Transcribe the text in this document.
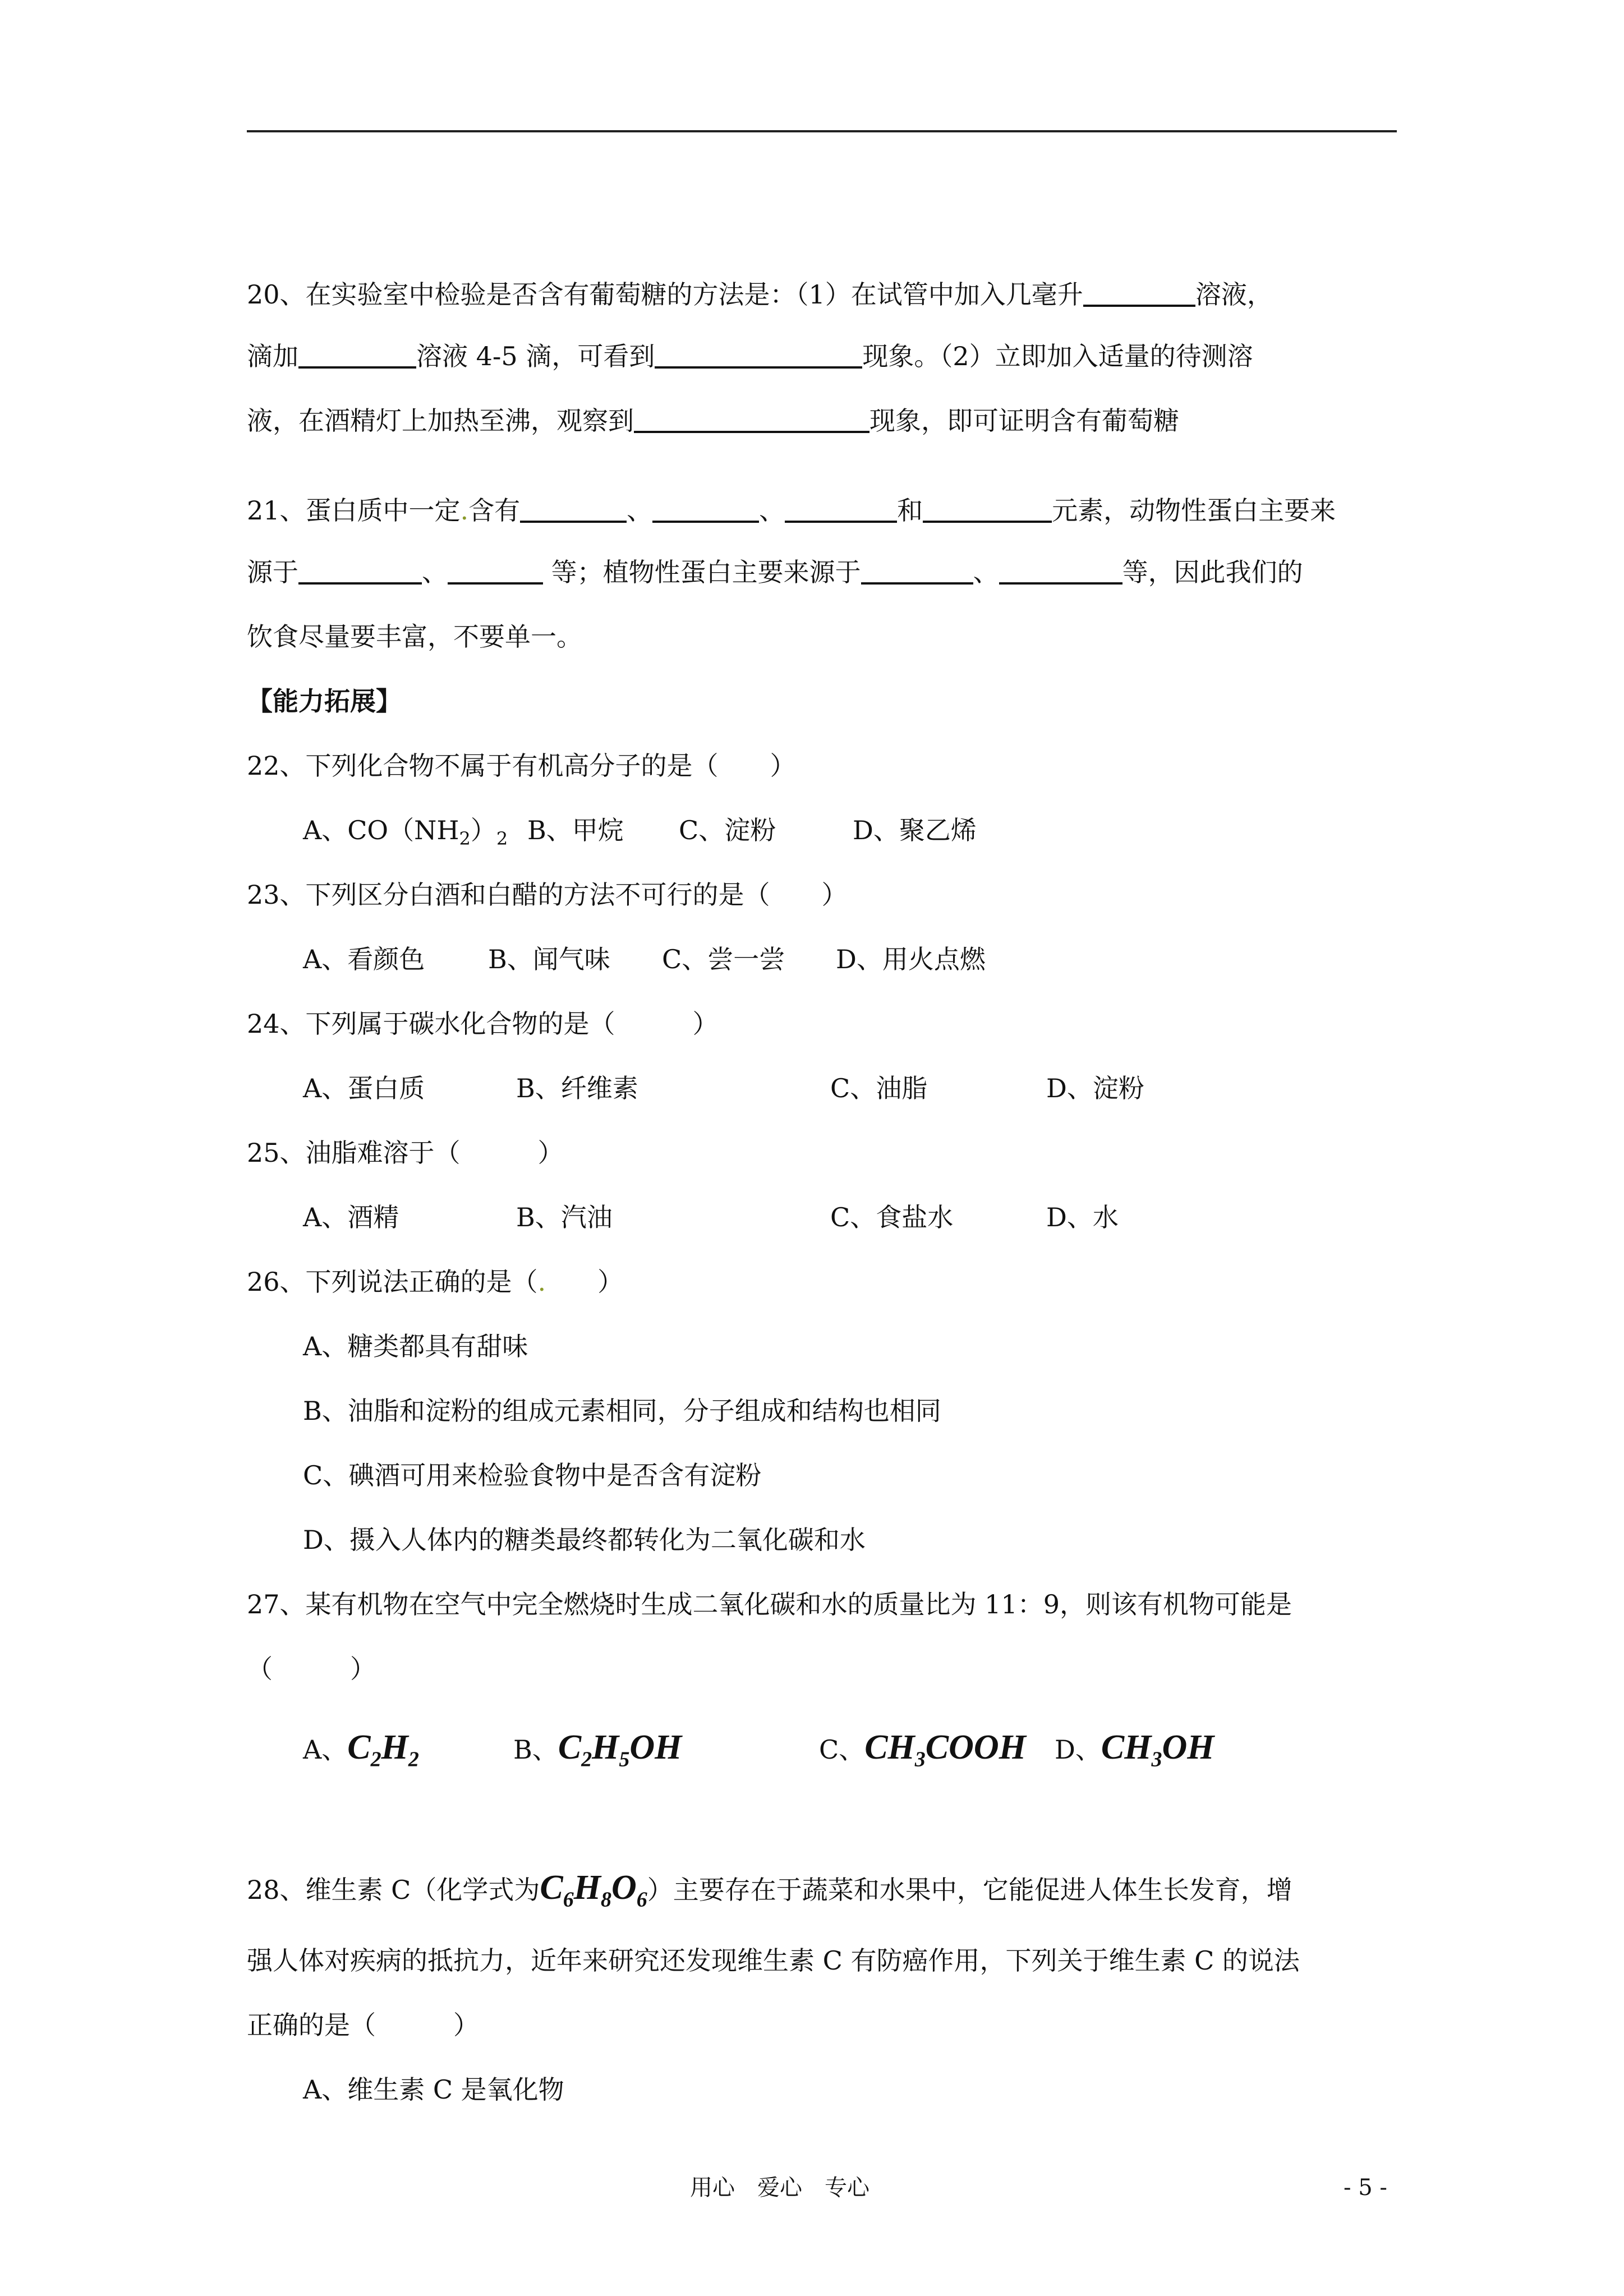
20、在实验室中检验是否含有葡萄糖的方法是：（1）在试管中加入几毫升	溶液，
滴加	溶液 4-5 滴，可看到	现象。（2）立即加入适量的待测溶
液，在酒精灯上加热至沸，观察到	现象，即可证明含有葡萄糖
21、蛋白质中一定.含有	、	、	和	元素，动物性蛋白主要来
源于	、	等；植物性蛋白主要来源于	、	等，因此我们的
饮食尽量要丰富，不要单一。
【能力拓展】
22、下列化合物不属于有机高分子的是（　　）
A、$CO(NH_2)_2$ B、甲烷 C、淀粉	D、聚乙烯
23、下列区分白酒和白醋的方法不可行的是（　　）
A、看颜色 B、闻气味 C、尝一尝 D、用火点燃
24、下列属于碳水化合物的是（　　　）
A、蛋白质	B、纤维素	C、油脂	D、淀粉
25、油脂难溶于（　　　）
A、酒精	B、汽油	C、食盐水	D、水
26、下列说法正确的是（.　　）
A、糖类都具有甜味
B、油脂和淀粉的组成元素相同，分子组成和结构也相同
C、碘酒可用来检验食物中是否含有淀粉
D、摄入人体内的糖类最终都转化为二氧化碳和水
27、某有机物在空气中完全燃烧时生成二氧化碳和水的质量比为 11：9，则该有机物可能是
（　　　）
A、$C_2H_2$	B、$C_2H_5OH$	C、$CH_3COOH$ D、$CH_3OH$
28、维生素 C（化学式为$C_6H_8O_6$）主要存在于蔬菜和水果中，它能促进人体生长发育，增
强人体对疾病的抵抗力，近年来研究还发现维生素 C 有防癌作用，下列关于维生素 C 的说法
正确的是（　　　）
A、维生素 C 是氧化物
用心　爱心　专心	- 5 -
